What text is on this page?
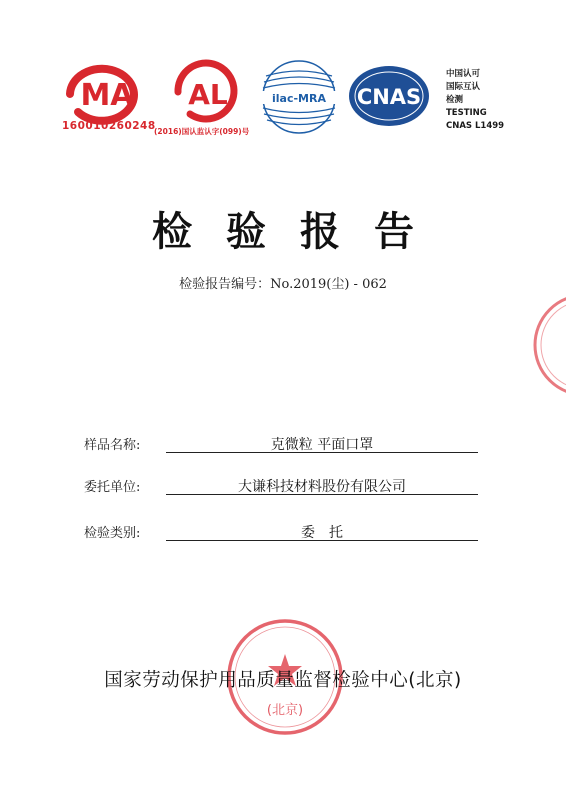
MA
160010260248
AL
(2016)国认监认字(099)号
ilac-MRA CNAS
中国认可
国际互认
检测
TESTING
CNAS L1499
检验报告
检验报告编号：No.2019(尘) - 062
样品名称:	克微粒 平面口罩
委托单位:	大谦科技材料股份有限公司
检验类别:	委　托
(北京)
国家劳动保护用品质量监督检验中心(北京)
